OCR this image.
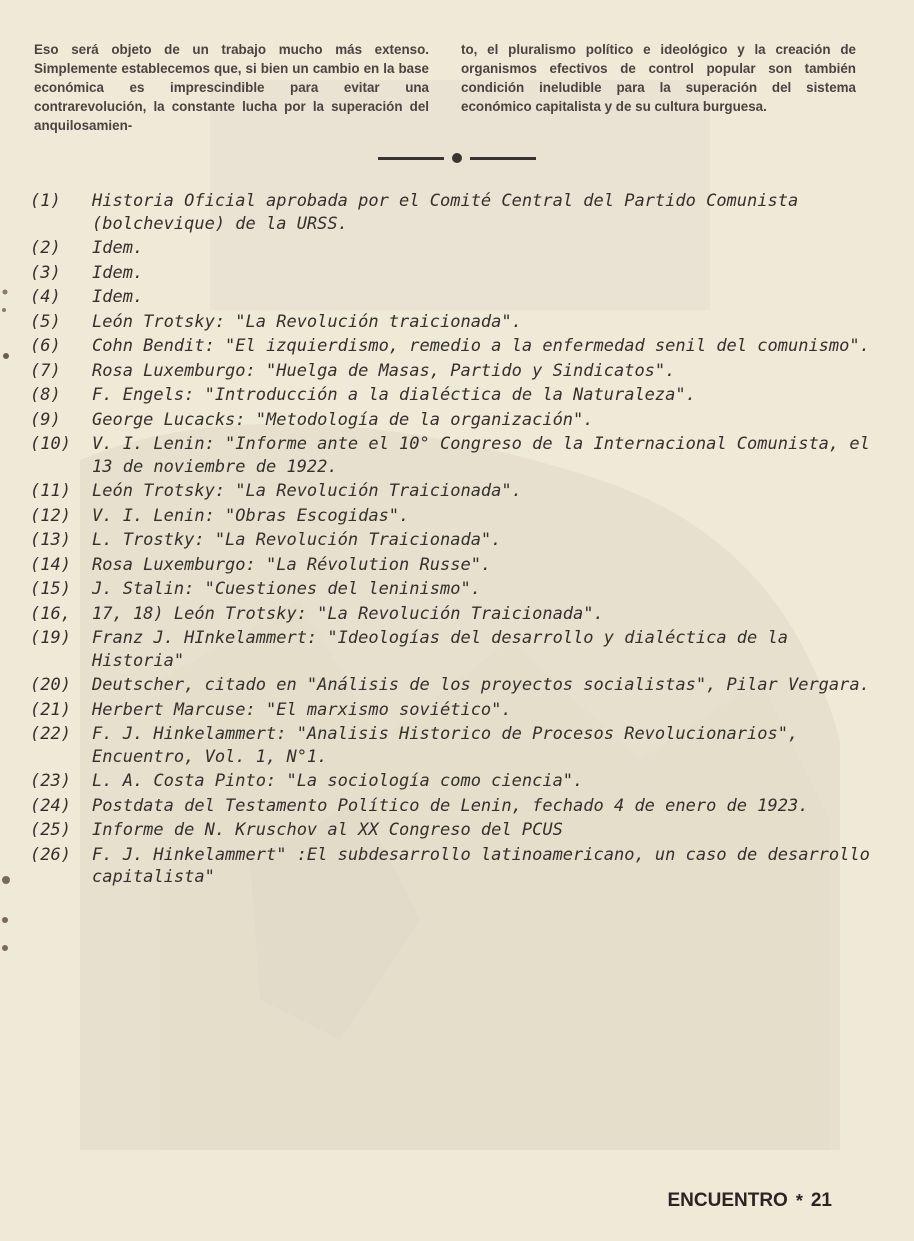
Eso será objeto de un trabajo mucho más extenso. Simplemente establecemos que, si bien un cambio en la base económica es imprescindible para evitar una contrarevolución, la constante lucha por la superación del anquilosamien-

to, el pluralismo político e ideológico y la creación de organismos efectivos de control popular son también condición ineludible para la superación del sistema económico capitalista y de su cultura burguesa.

(1)	Historia Oficial aprobada por el Comité Central del Partido Comunista (bolchevique) de la URSS.
(2)	Idem.
(3)	Idem.
(4)	Idem.
(5)	León Trotsky: "La Revolución traicionada".
(6)	Cohn Bendit: "El izquierdismo, remedio a la enfermedad senil del comunismo".
(7)	Rosa Luxemburgo: "Huelga de Masas, Partido y Sindicatos".
(8)	F. Engels: "Introducción a la dialéctica de la Naturaleza".
(9)	George Lucacks: "Metodología de la organización".
(10)	V. I. Lenin: "Informe ante el 10° Congreso de la Internacional Comunista, el 13 de noviembre de 1922.
(11)	León Trotsky: "La Revolución Traicionada".
(12)	V. I. Lenin: "Obras Escogidas".
(13)	L. Trostky: "La Revolución Traicionada".
(14)	Rosa Luxemburgo: "La Révolution Russe".
(15)	J. Stalin: "Cuestiones del leninismo".
(16,	17, 18) León Trotsky: "La Revolución Traicionada".
(19)	Franz J. HInkelammert: "Ideologías del desarrollo y dialéctica de la Historia"
(20)	Deutscher, citado en "Análisis de los proyectos socialistas", Pilar Vergara.
(21)	Herbert Marcuse: "El marxismo soviético".
(22)	F. J. Hinkelammert: "Analisis Historico de Procesos Revolucionarios", Encuentro, Vol. 1, N°1.
(23)	L. A. Costa Pinto: "La sociología como ciencia".
(24)	Postdata del Testamento Político de Lenin, fechado 4 de enero de 1923.
(25)	Informe de N. Kruschov al XX Congreso del PCUS
(26)	F. J. Hinkelammert" :El subdesarrollo latinoamericano, un caso de desarrollo capitalista"
ENCUENTRO * 21
